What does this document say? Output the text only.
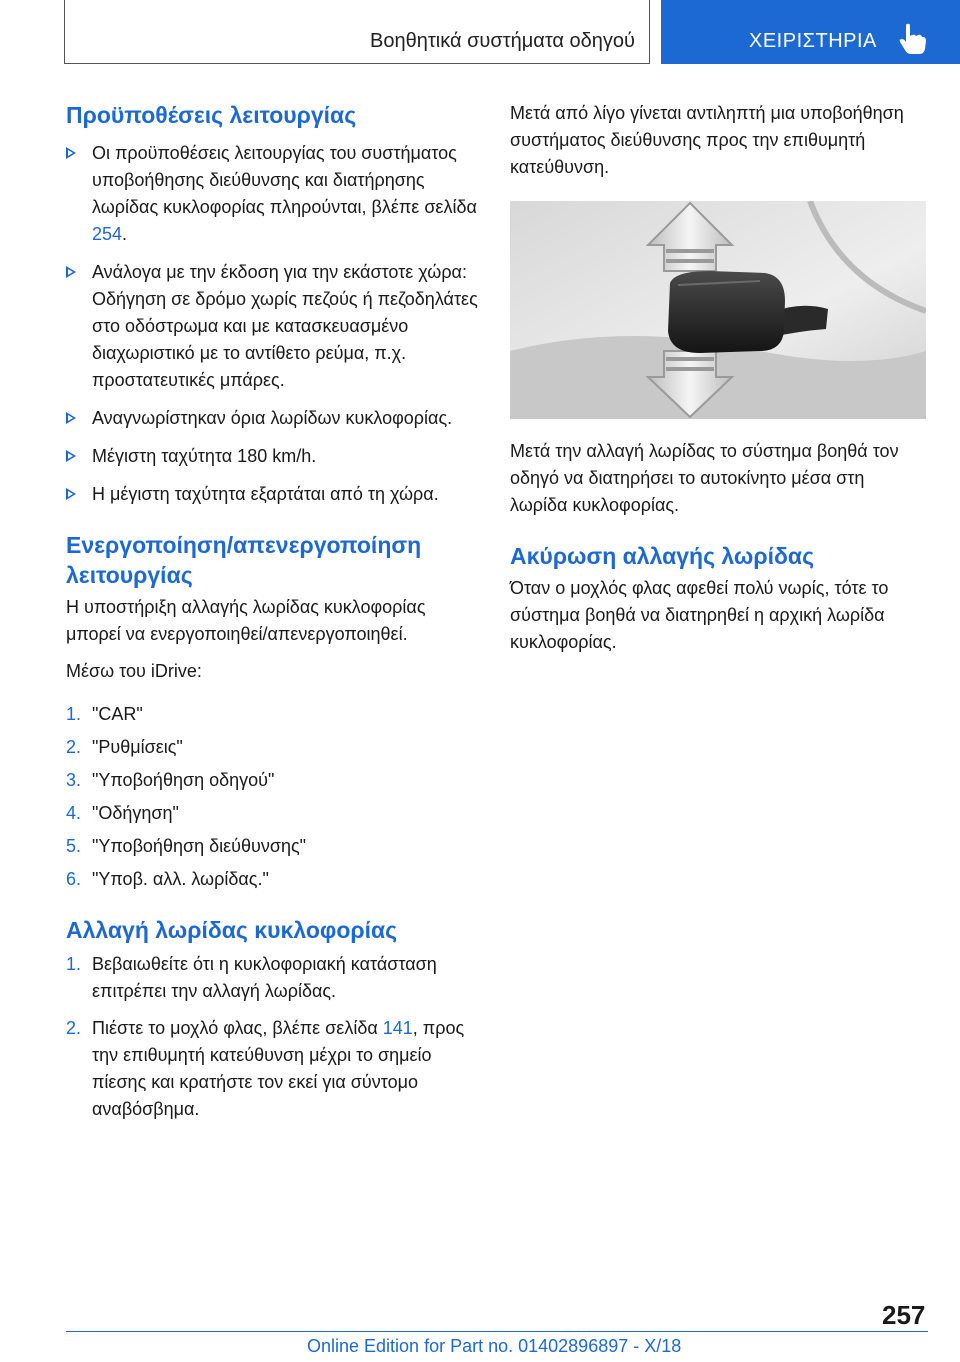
Βοηθητικά συστήματα οδηγού	ΧΕΙΡΙΣΤΗΡΙΑ
Προϋποθέσεις λειτουργίας
Οι προϋποθέσεις λειτουργίας του συστήματος υποβοήθησης διεύθυνσης και διατήρησης λωρίδας κυκλοφορίας πληρούνται, βλέπε σελίδα 254.
Ανάλογα με την έκδοση για την εκάστοτε χώρα: Οδήγηση σε δρόμο χωρίς πεζούς ή πεζοδηλάτες στο οδόστρωμα και με κατασκευασμένο διαχωριστικό με το αντίθετο ρεύμα, π.χ. προστατευτικές μπάρες.
Αναγνωρίστηκαν όρια λωρίδων κυκλοφορίας.
Μέγιστη ταχύτητα 180 km/h.
Η μέγιστη ταχύτητα εξαρτάται από τη χώρα.
Ενεργοποίηση/απενεργοποίηση λειτουργίας

Η υποστήριξη αλλαγής λωρίδας κυκλοφορίας μπορεί να ενεργοποιηθεί/απενεργοποιηθεί.

Μέσω του iDrive:

1. "CAR"
2. "Ρυθμίσεις"
3. "Υποβοήθηση οδηγού"
4. "Οδήγηση"
5. "Υποβοήθηση διεύθυνσης"
6. "Υποβ. αλλ. λωρίδας."
Αλλαγή λωρίδας κυκλοφορίας
1. Βεβαιωθείτε ότι η κυκλοφοριακή κατάσταση επιτρέπει την αλλαγή λωρίδας.
2. Πιέστε το μοχλό φλας, βλέπε σελίδα 141, προς την επιθυμητή κατεύθυνση μέχρι το σημείο πίεσης και κρατήστε τον εκεί για σύντομο αναβόσβημα.

Μετά από λίγο γίνεται αντιληπτή μια υποβοήθηση συστήματος διεύθυνσης προς την επιθυμητή κατεύθυνση.

Μετά την αλλαγή λωρίδας το σύστημα βοηθά τον οδηγό να διατηρήσει το αυτοκίνητο μέσα στη λωρίδα κυκλοφορίας.

Ακύρωση αλλαγής λωρίδας

Όταν ο μοχλός φλας αφεθεί πολύ νωρίς, τότε το σύστημα βοηθά να διατηρηθεί η αρχική λωρίδα κυκλοφορίας.

257
Online Edition for Part no. 01402896897 - X/18
